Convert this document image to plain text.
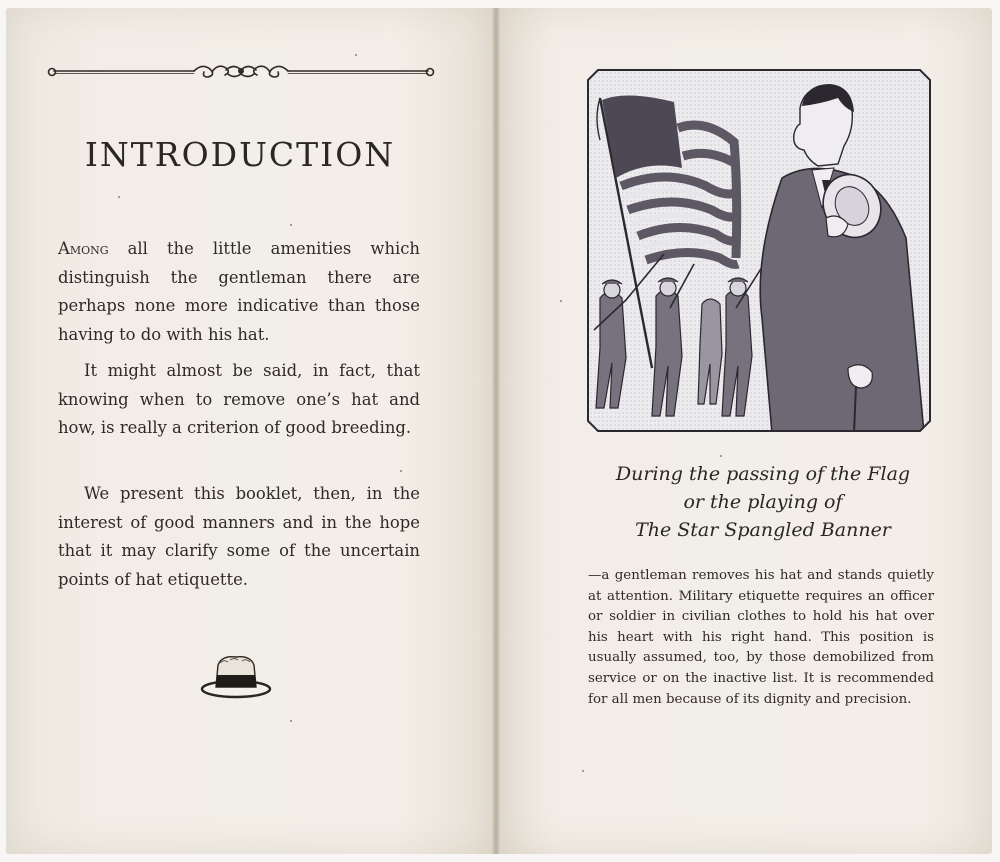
INTRODUCTION

Among all the little amenities which distinguish the gentleman there are perhaps none more indicative than those having to do with his hat.

It might almost be said, in fact, that knowing when to remove one’s hat and how, is really a criterion of good breeding.

We present this booklet, then, in the interest of good manners and in the hope that it may clarify some of the uncertain points of hat etiquette.

During the passing of the Flag
or the playing of
The Star Spangled Banner

—a gentleman removes his hat and stands quietly at attention. Military etiquette requires an officer or soldier in civilian clothes to hold his hat over his heart with his right hand. This position is usually assumed, too, by those demobilized from service or on the inactive list. It is recommended for all men because of its dignity and precision.
